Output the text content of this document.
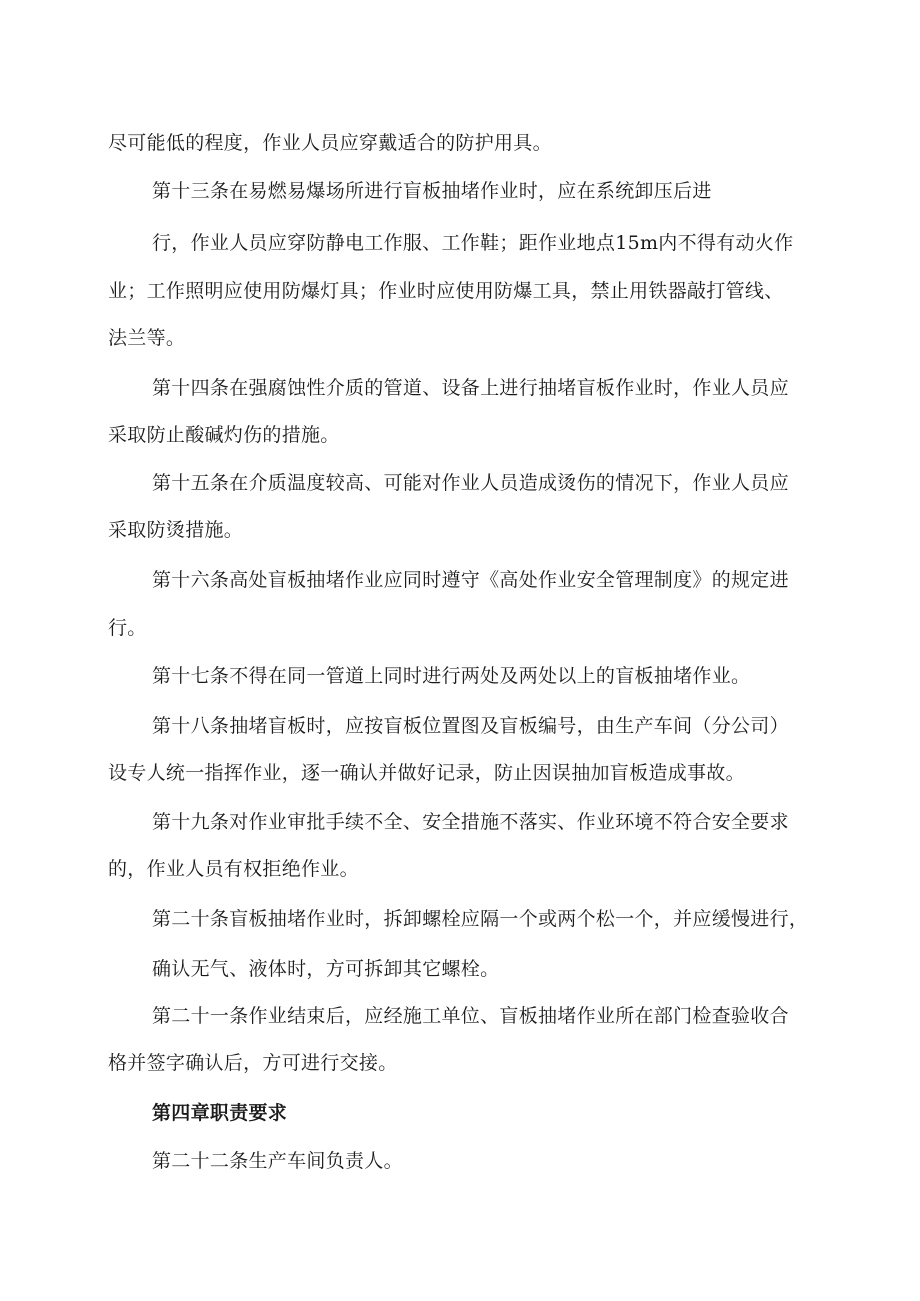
尽可能低的程度，作业人员应穿戴适合的防护用具。
第十三条在易燃易爆场所进行盲板抽堵作业时，应在系统卸压后进
行，作业人员应穿防静电工作服、工作鞋；距作业地点15m内不得有动火作
业；工作照明应使用防爆灯具；作业时应使用防爆工具，禁止用铁器敲打管线、
法兰等。
第十四条在强腐蚀性介质的管道、设备上进行抽堵盲板作业时，作业人员应
采取防止酸碱灼伤的措施。
第十五条在介质温度较高、可能对作业人员造成烫伤的情况下，作业人员应
采取防烫措施。
第十六条高处盲板抽堵作业应同时遵守《高处作业安全管理制度》的规定进
行。
第十七条不得在同一管道上同时进行两处及两处以上的盲板抽堵作业。
第十八条抽堵盲板时，应按盲板位置图及盲板编号，由生产车间（分公司）
设专人统一指挥作业，逐一确认并做好记录，防止因误抽加盲板造成事故。
第十九条对作业审批手续不全、安全措施不落实、作业环境不符合安全要求
的，作业人员有权拒绝作业。
第二十条盲板抽堵作业时，拆卸螺栓应隔一个或两个松一个，并应缓慢进行，
确认无气、液体时，方可拆卸其它螺栓。
第二十一条作业结束后，应经施工单位、盲板抽堵作业所在部门检查验收合
格并签字确认后，方可进行交接。
第四章职责要求
第二十二条生产车间负责人。
